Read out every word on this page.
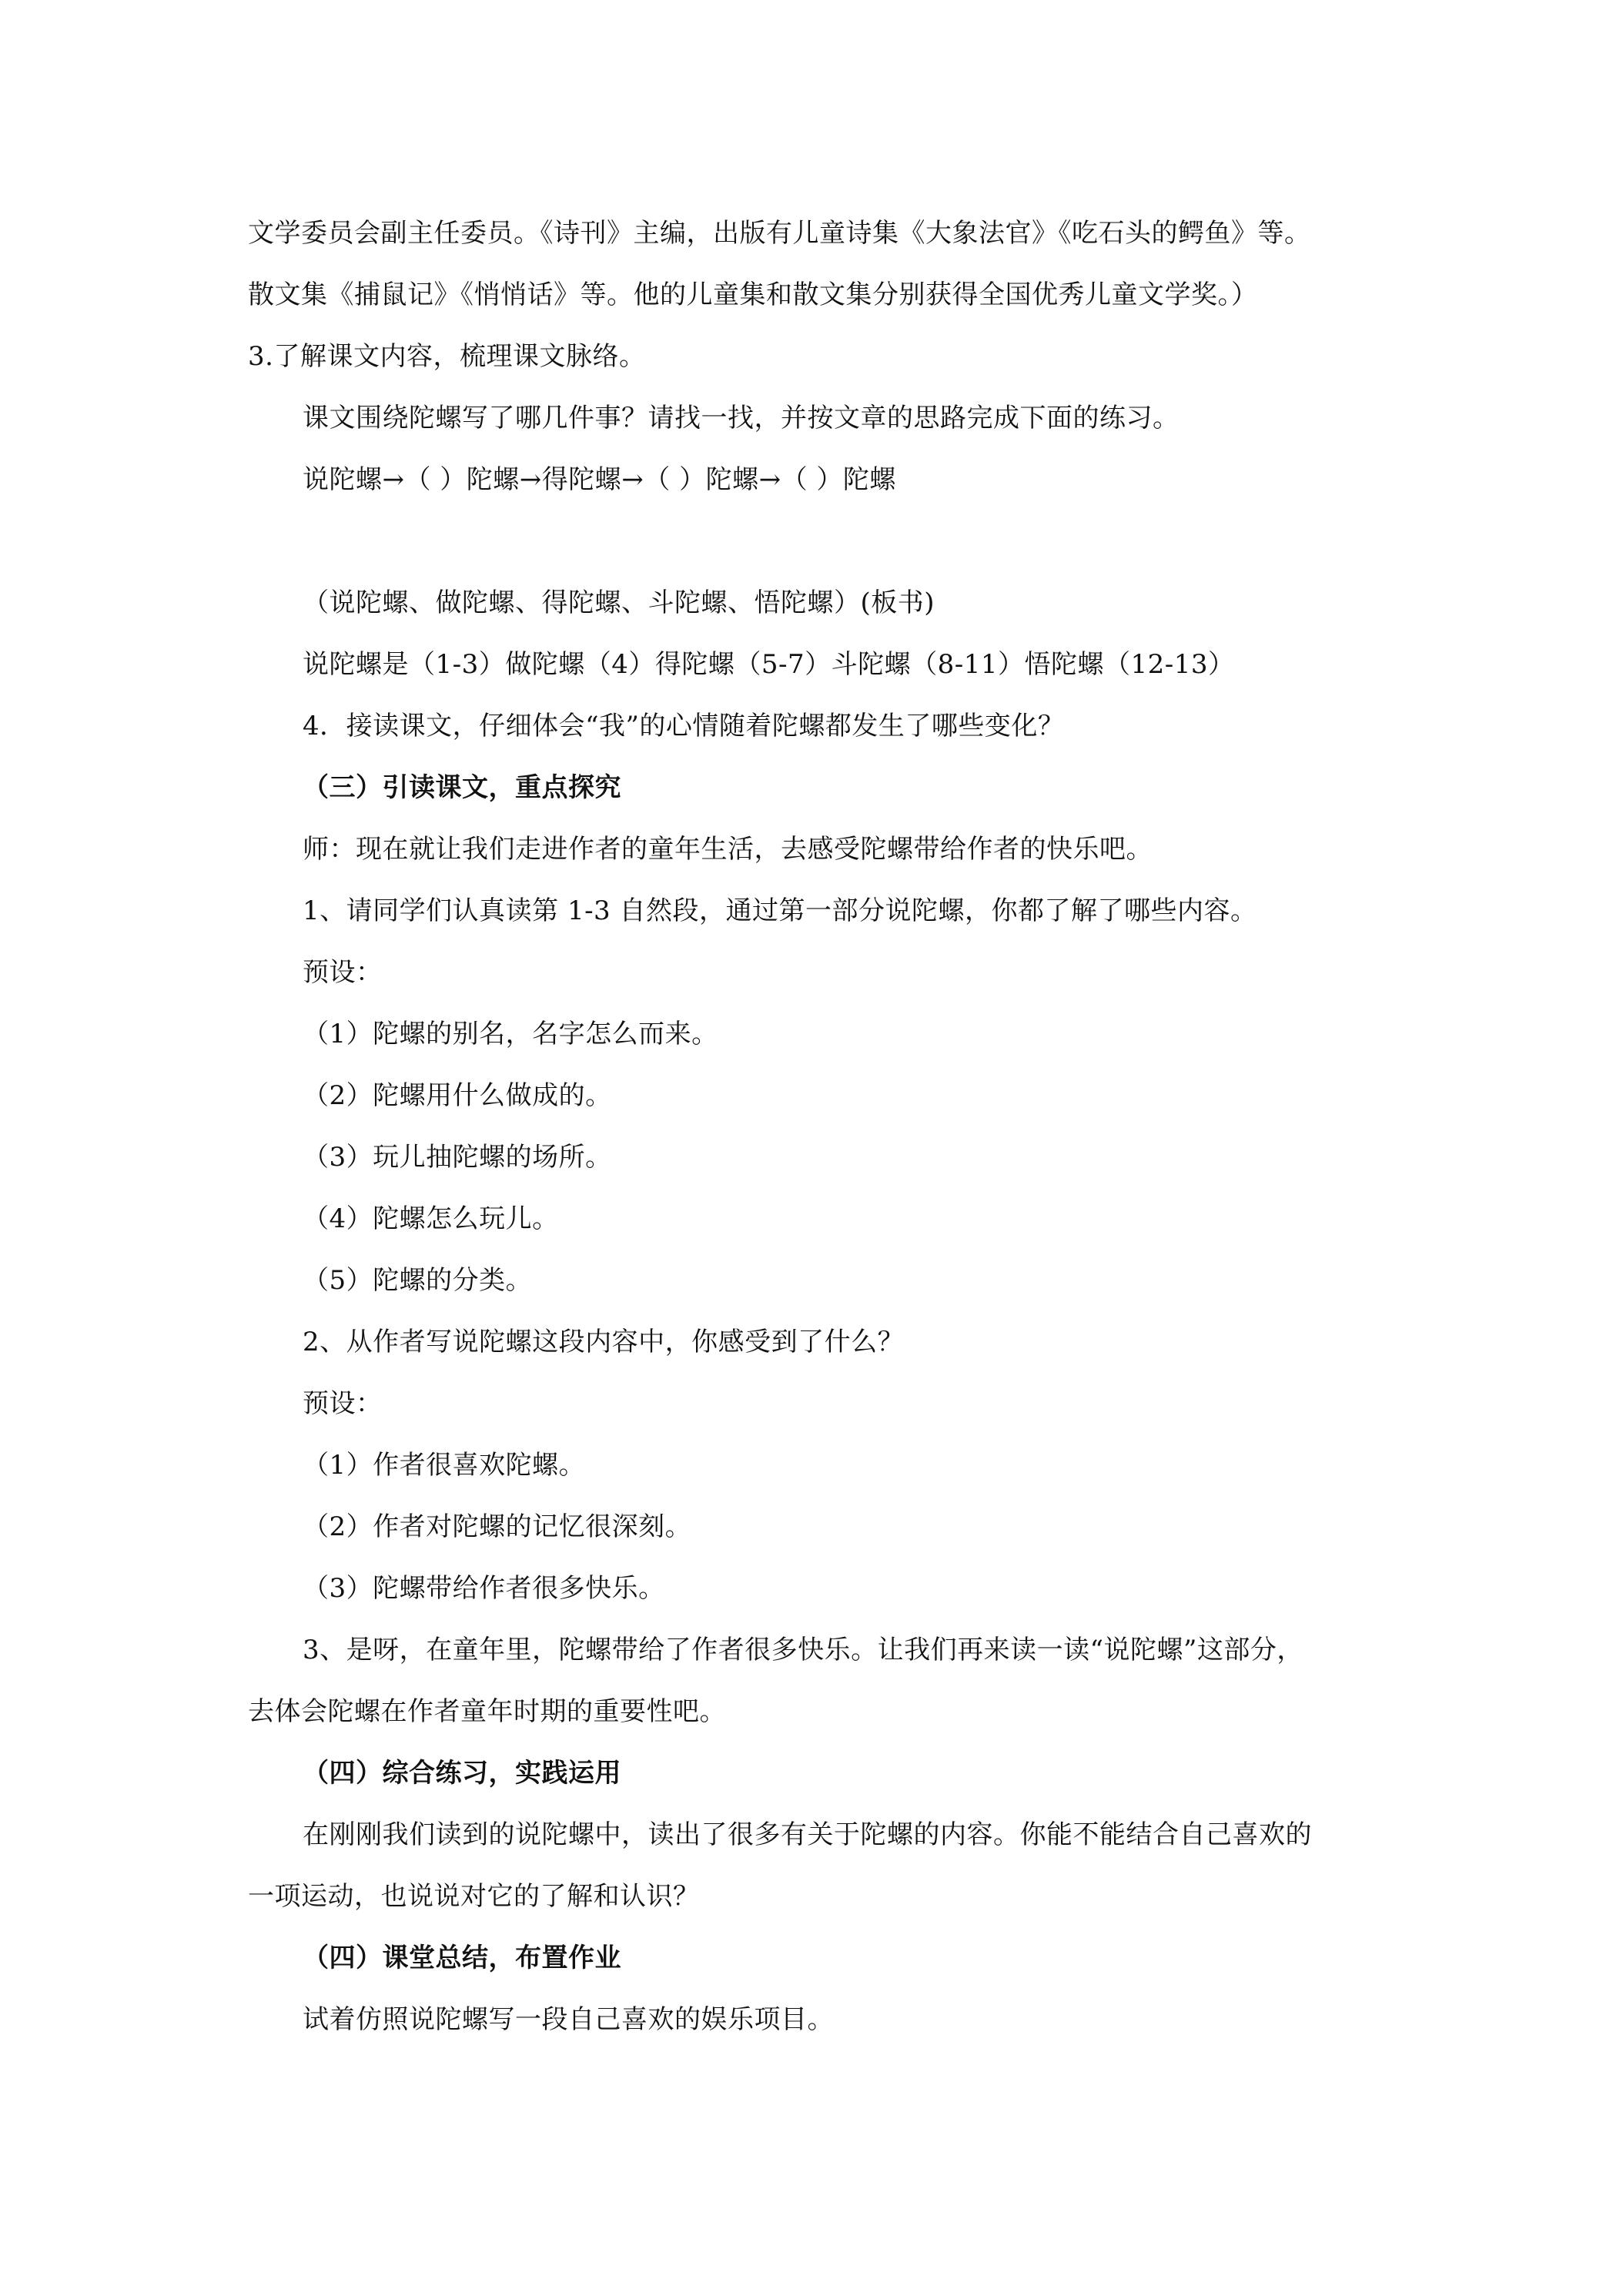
文学委员会副主任委员。《诗刊》主编，出版有儿童诗集《大象法官》《吃石头的鳄鱼》等。
散文集《捕鼠记》《悄悄话》等。他的儿童集和散文集分别获得全国优秀儿童文学奖。）
3.了解课文内容，梳理课文脉络。
课文围绕陀螺写了哪几件事？请找一找，并按文章的思路完成下面的练习。
说陀螺→（ ）陀螺→得陀螺→（ ）陀螺→（ ）陀螺
（说陀螺、做陀螺、得陀螺、斗陀螺、悟陀螺）(板书)
说陀螺是（1-3）做陀螺（4）得陀螺（5-7）斗陀螺（8-11）悟陀螺（12-13）
4．接读课文，仔细体会“我”的心情随着陀螺都发生了哪些变化？
（三）引读课文，重点探究
师：现在就让我们走进作者的童年生活，去感受陀螺带给作者的快乐吧。
1、请同学们认真读第 1-3 自然段，通过第一部分说陀螺，你都了解了哪些内容。
预设：
（1）陀螺的别名，名字怎么而来。
（2）陀螺用什么做成的。
（3）玩儿抽陀螺的场所。
（4）陀螺怎么玩儿。
（5）陀螺的分类。
2、从作者写说陀螺这段内容中，你感受到了什么？
预设：
（1）作者很喜欢陀螺。
（2）作者对陀螺的记忆很深刻。
（3）陀螺带给作者很多快乐。
3、是呀，在童年里，陀螺带给了作者很多快乐。让我们再来读一读“说陀螺”这部分，
去体会陀螺在作者童年时期的重要性吧。
（四）综合练习，实践运用
在刚刚我们读到的说陀螺中，读出了很多有关于陀螺的内容。你能不能结合自己喜欢的
一项运动，也说说对它的了解和认识？
（四）课堂总结，布置作业
试着仿照说陀螺写一段自己喜欢的娱乐项目。
